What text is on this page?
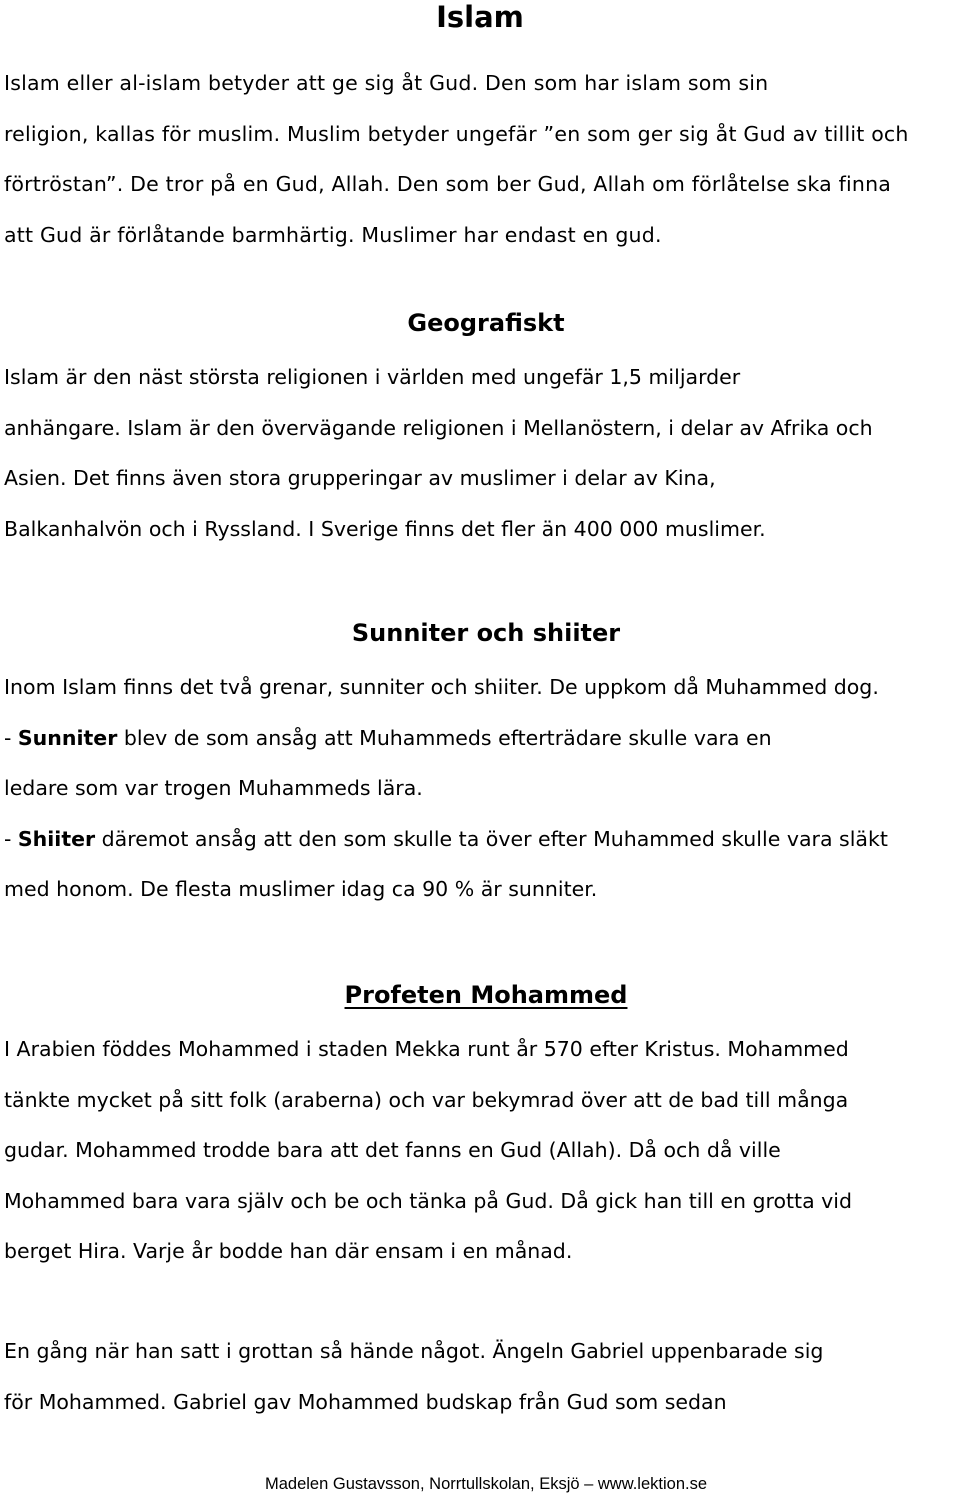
Islam

Islam eller al-islam betyder att ge sig åt Gud. Den som har islam som sin
religion, kallas för muslim. Muslim betyder ungefär ”en som ger sig åt Gud av tillit och
förtröstan”. De tror på en Gud, Allah. Den som ber Gud, Allah om förlåtelse ska finna
att Gud är förlåtande barmhärtig. Muslimer har endast en gud.

Geografiskt

Islam är den näst största religionen i världen med ungefär 1,5 miljarder
anhängare. Islam är den övervägande religionen i Mellanöstern, i delar av Afrika och
Asien. Det finns även stora grupperingar av muslimer i delar av Kina,
Balkanhalvön och i Ryssland. I Sverige finns det fler än 400 000 muslimer.

Sunniter och shiiter

Inom Islam finns det två grenar, sunniter och shiiter. De uppkom då Muhammed dog.
- Sunniter blev de som ansåg att Muhammeds efterträdare skulle vara en
ledare som var trogen Muhammeds lära.
- Shiiter däremot ansåg att den som skulle ta över efter Muhammed skulle vara släkt
med honom. De flesta muslimer idag ca 90 % är sunniter.

Profeten Mohammed

I Arabien föddes Mohammed i staden Mekka runt år 570 efter Kristus. Mohammed
tänkte mycket på sitt folk (araberna) och var bekymrad över att de bad till många
gudar. Mohammed trodde bara att det fanns en Gud (Allah). Då och då ville
Mohammed bara vara själv och be och tänka på Gud. Då gick han till en grotta vid
berget Hira. Varje år bodde han där ensam i en månad.

En gång när han satt i grottan så hände något. Ängeln Gabriel uppenbarade sig
för Mohammed. Gabriel gav Mohammed budskap från Gud som sedan

Madelen Gustavsson, Norrtullskolan, Eksjö – www.lektion.se
